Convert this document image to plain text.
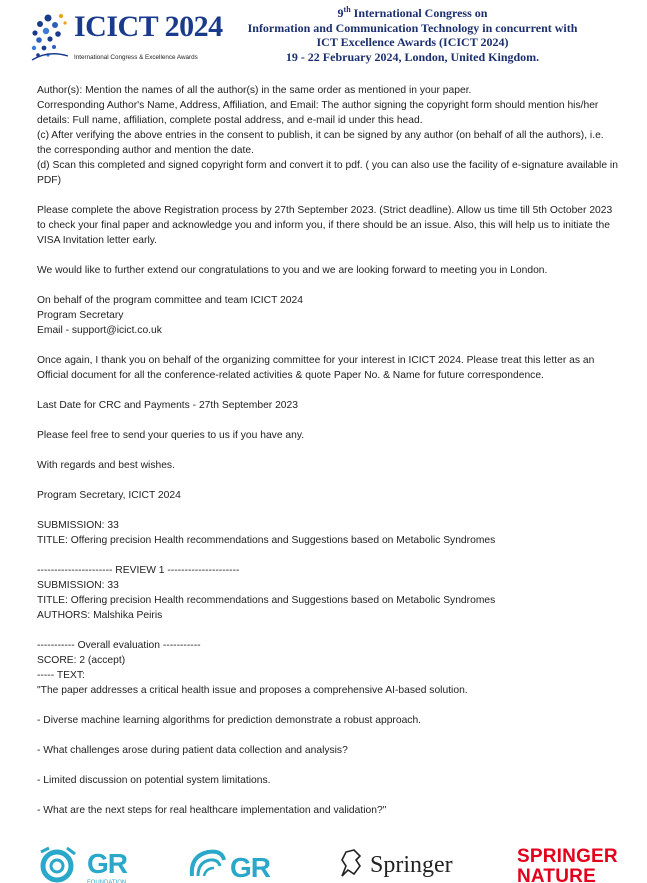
ICICT 2024
International Congress & Excellence Awards
9th International Congress on
Information and Communication Technology in concurrent with
ICT Excellence Awards (ICICT 2024)
19 - 22 February 2024, London, United Kingdom.

Author(s): Mention the names of all the author(s) in the same order as mentioned in your paper.

Corresponding Author's Name, Address, Affiliation, and Email: The author signing the copyright form should mention his/her details: Full name, affiliation, complete postal address, and e-mail id under this head.

(c) After verifying the above entries in the consent to publish, it can be signed by any author (on behalf of all the authors), i.e. the corresponding author and mention the date.

(d) Scan this completed and signed copyright form and convert it to pdf. ( you can also use the facility of e-signature available in PDF)

Please complete the above Registration process by 27th September 2023. (Strict deadline). Allow us time till 5th October 2023 to check your final paper and acknowledge you and inform you, if there should be an issue. Also, this will help us to initiate the VISA Invitation letter early.

We would like to further extend our congratulations to you and we are looking forward to meeting you in London.

On behalf of the program committee and team ICICT 2024

Program Secretary

Email - support@icict.co.uk

Once again, I thank you on behalf of the organizing committee for your interest in ICICT 2024. Please treat this letter as an Official document for all the conference-related activities & quote Paper No. & Name for future correspondence.

Last Date for CRC and Payments - 27th September 2023

Please feel free to send your queries to us if you have any.

With regards and best wishes.

Program Secretary, ICICT 2024

SUBMISSION: 33

TITLE: Offering precision Health recommendations and Suggestions based on Metabolic Syndromes

---------------------- REVIEW 1 ---------------------

SUBMISSION: 33

TITLE: Offering precision Health recommendations and Suggestions based on Metabolic Syndromes

AUTHORS: Malshika Peiris

----------- Overall evaluation -----------

SCORE: 2 (accept)

----- TEXT:

"The paper addresses a critical health issue and proposes a comprehensive AI-based solution.

- Diverse machine learning algorithms for prediction demonstrate a robust approach.

- What challenges arose during patient data collection and analysis?

- Limited discussion on potential system limitations.

- What are the next steps for real healthcare implementation and validation?"

GR
FOUNDATION	GR	Springer	SPRINGER
NATURE
